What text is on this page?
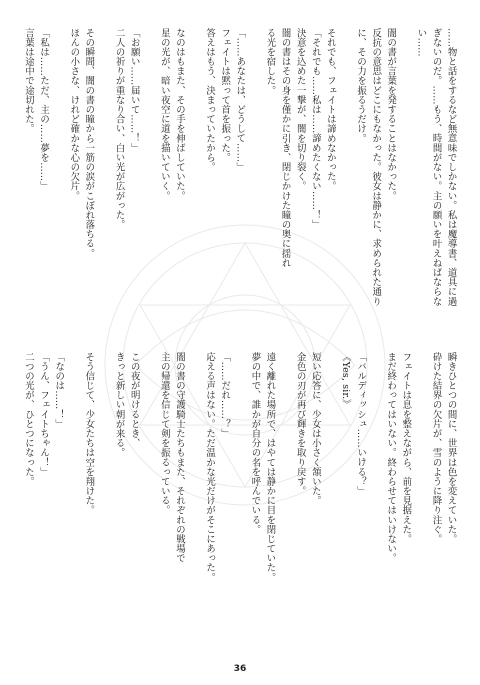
……物と話をするなど無意味でしかない。私は魔導書、道具に過
ぎないのだ。……もう、時間がない。主の願いを叶えねばならな
い……
闇の書が言葉を発することはなかった。
反抗の意思はどこにもなかった。彼女は静かに、求められた通り
に、その力を振るうだけ。
それでも、フェイトは諦めなかった。
「それでも……私は……諦めたくない……！」
決意を込めた一撃が、闇を切り裂く。
闇の書はその身を僅かに引き、閉じかけた瞳の奥に揺れ
る光を宿した。
「……あなたは、どうして……」
フェイトは黙って首を振った。
答えはもう、決まっていたから。
なのはもまた、その手を伸ばしていた。
星の光が、暗い夜空に道を描いていく。
「お願い……届いて……！」
二人の祈りが重なり合い、白い光が広がった。
その瞬間、闇の書の瞳から一筋の涙がこぼれ落ちる。
ほんの小さな、けれど確かな心の欠片。
「私は……ただ、主の……夢を……」
言葉は途中で途切れた。
瞬きひとつの間に、世界は色を変えていた。
砕けた結界の欠片が、雪のように降り注ぐ。
フェイトは息を整えながら、前を見据えた。
まだ終わってはいない。終わらせてはいけない。
「バルディッシュ……いける？」
《Yes, sir.》
短い応答に、少女は小さく頷いた。
金色の刃が再び輝きを取り戻す。
遠く離れた場所で、はやては静かに目を閉じていた。
夢の中で、誰かが自分の名を呼んでいる。
「……だれ……？」
応える声はない。ただ温かな光だけがそこにあった。
闇の書の守護騎士たちもまた、それぞれの戦場で
主の帰還を信じて剣を振るっている。
この夜が明けるとき、
きっと新しい朝が来る。
そう信じて、少女たちは空を翔けた。
「なのは……！」
「うん、フェイトちゃん！」
二つの光が、ひとつになった。
36
